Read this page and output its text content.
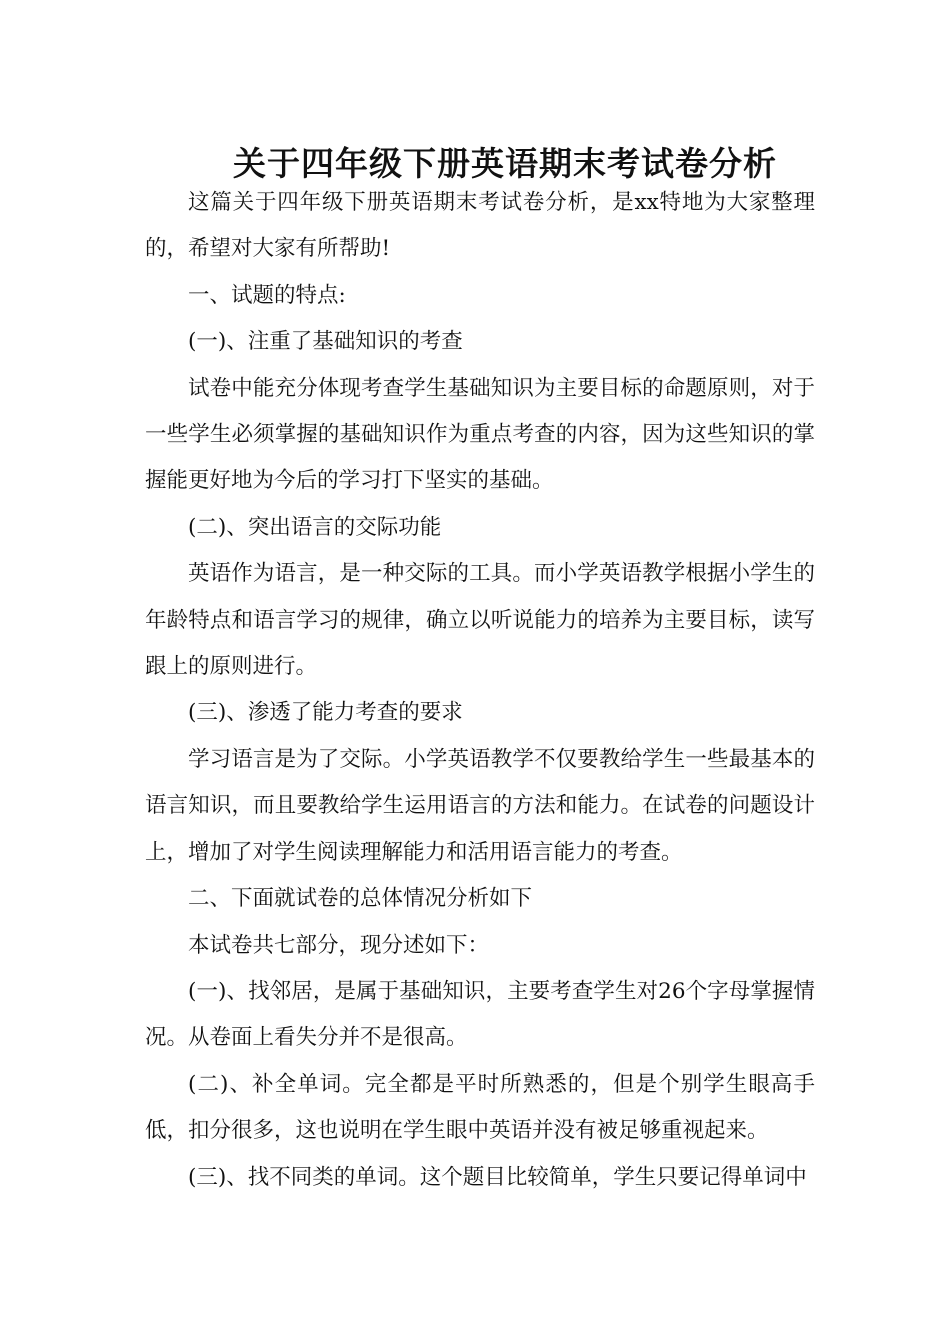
关于四年级下册英语期末考试卷分析

这篇关于四年级下册英语期末考试卷分析，是xx特地为大家整理的，希望对大家有所帮助!

一、试题的特点:

(一)、注重了基础知识的考查

试卷中能充分体现考查学生基础知识为主要目标的命题原则，对于一些学生必须掌握的基础知识作为重点考查的内容，因为这些知识的掌握能更好地为今后的学习打下坚实的基础。

(二)、突出语言的交际功能

英语作为语言，是一种交际的工具。而小学英语教学根据小学生的年龄特点和语言学习的规律，确立以听说能力的培养为主要目标，读写跟上的原则进行。

(三)、渗透了能力考查的要求

学习语言是为了交际。小学英语教学不仅要教给学生一些最基本的语言知识，而且要教给学生运用语言的方法和能力。在试卷的问题设计上，增加了对学生阅读理解能力和活用语言能力的考查。

二、下面就试卷的总体情况分析如下

本试卷共七部分，现分述如下：

(一)、找邻居，是属于基础知识，主要考查学生对26个字母掌握情况。从卷面上看失分并不是很高。

(二)、补全单词。完全都是平时所熟悉的，但是个别学生眼高手低，扣分很多，这也说明在学生眼中英语并没有被足够重视起来。

(三)、找不同类的单词。这个题目比较简单，学生只要记得单词中
